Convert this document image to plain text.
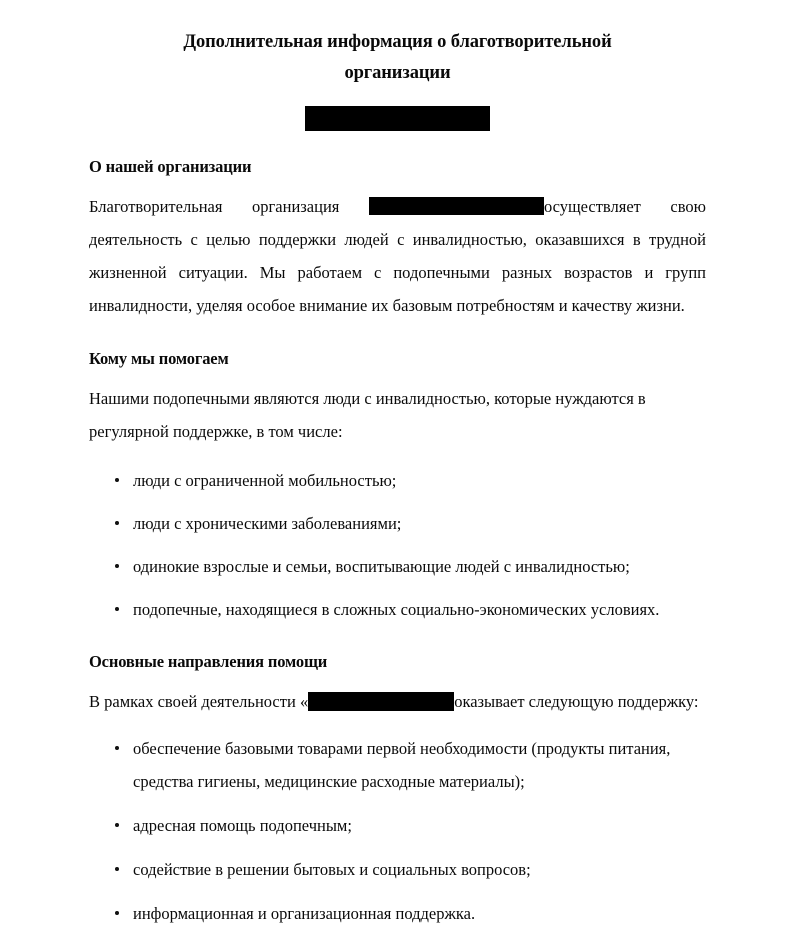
Дополнительная информация о благотворительной
организации
О нашей организации

Благотворительная организация	осуществляет свою деятельность с целью поддержки людей с инвалидностью, оказавшихся в трудной жизненной ситуации. Мы работаем с подопечными разных возрастов и групп инвалидности, уделяя особое внимание их базовым потребностям и качеству жизни.

Кому мы помогаем

Нашими подопечными являются люди с инвалидностью, которые нуждаются в регулярной поддержке, в том числе:

люди с ограниченной мобильностью;
люди с хроническими заболеваниями;
одинокие взрослые и семьи, воспитывающие людей с инвалидностью;
подопечные, находящиеся в сложных социально-экономических условиях.
Основные направления помощи

В рамках своей деятельности «	оказывает следующую поддержку:

обеспечение базовыми товарами первой необходимости (продукты питания, средства гигиены, медицинские расходные материалы);
адресная помощь подопечным;
содействие в решении бытовых и социальных вопросов;
информационная и организационная поддержка.
